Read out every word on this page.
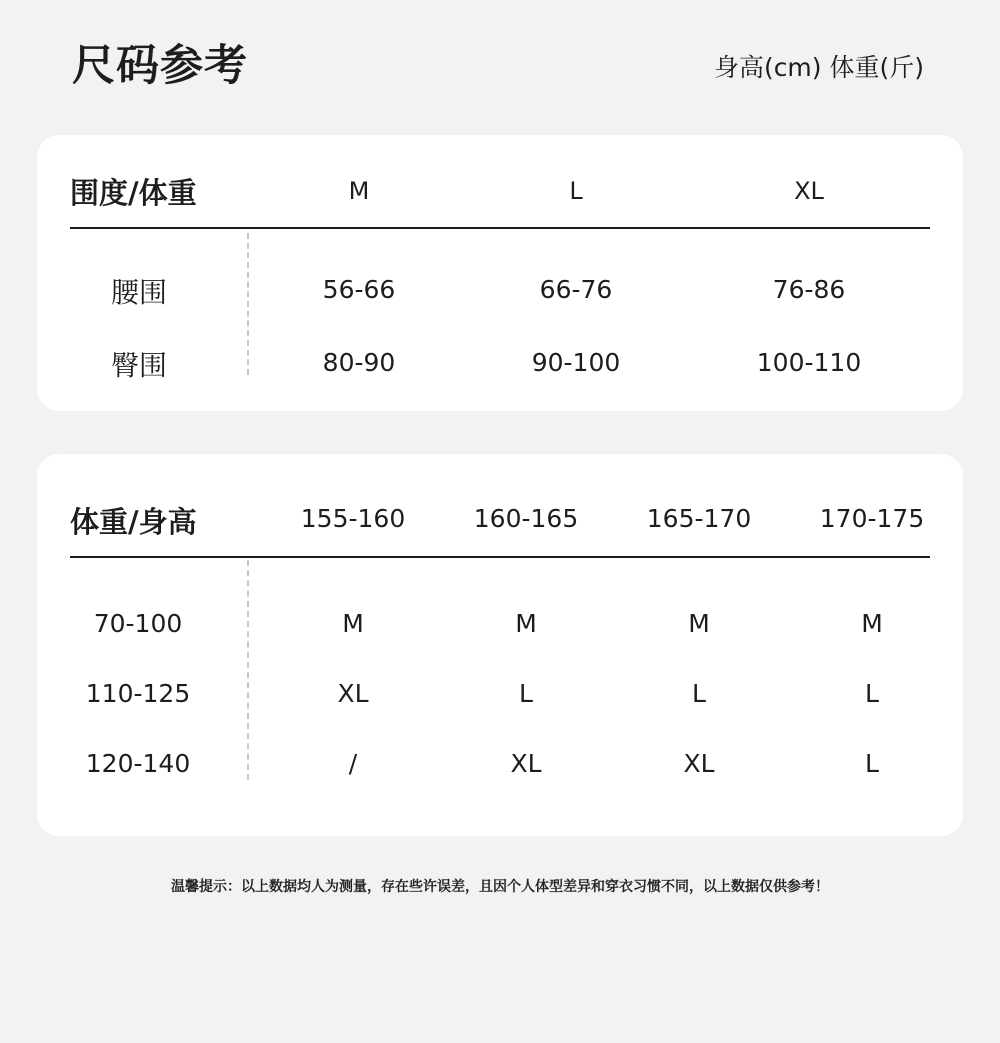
尺码参考	身高(cm) 体重(斤)
围度/体重	M	L	XL
腰围	56-66	66-76	76-86
臀围	80-90	90-100	100-110
体重/身高	155-160	160-165	165-170	170-175
70-100	M	M	M	M
110-125	XL	L	L	L
120-140	/	XL	XL	L
温馨提示：以上数据均人为测量，存在些许误差，且因个人体型差异和穿衣习惯不同，以上数据仅供参考！
